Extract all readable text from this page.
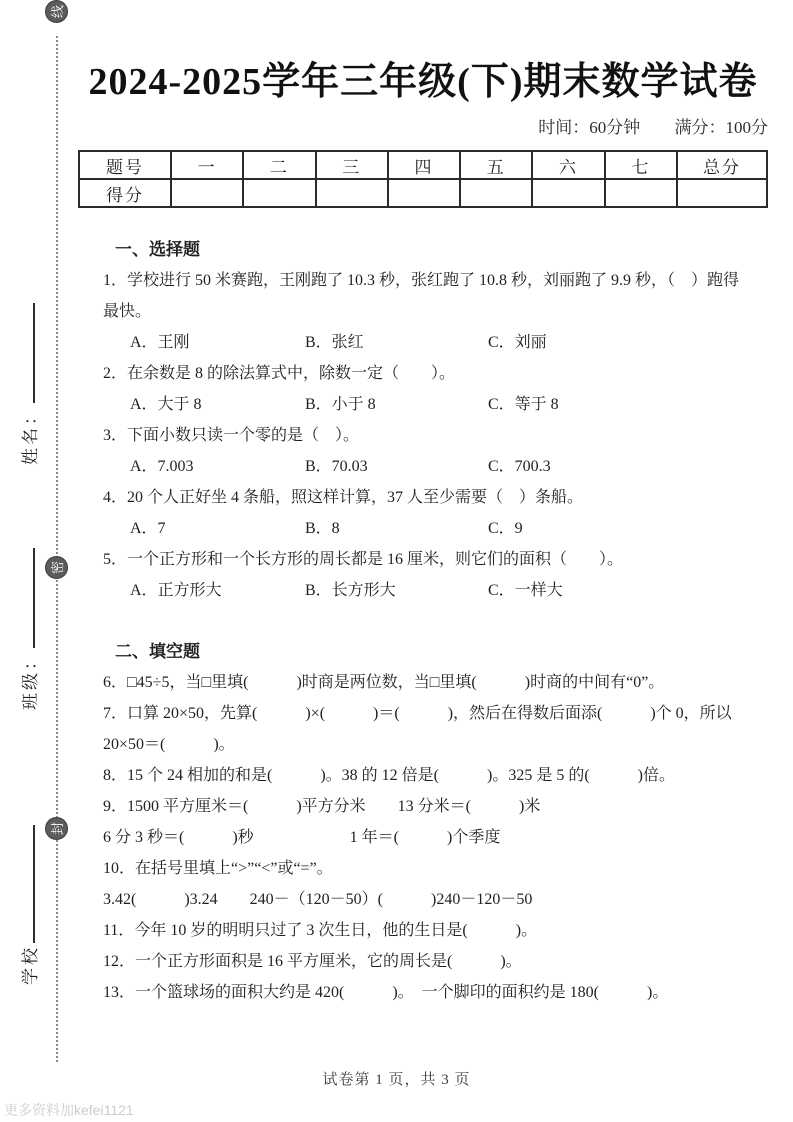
密
封
线
姓名：
班级：
学校
2024-2025学年三年级(下)期末数学试卷
时间：60分钟 满分：100分
题号	一	二	三	四	五	六	七	总分
得分								
一、选择题
1．学校进行 50 米赛跑，王刚跑了 10.3 秒，张红跑了 10.8 秒，刘丽跑了 9.9 秒，（　）跑得
最快。
A．王刚	B．张红	C．刘丽
2．在余数是 8 的除法算式中，除数一定（　　）。
A．大于 8	B．小于 8	C．等于 8
3．下面小数只读一个零的是（　）。
A．7.003	B．70.03	C．700.3
4．20 个人正好坐 4 条船，照这样计算，37 人至少需要（　）条船。
A．7	B．8	C．9
5．一个正方形和一个长方形的周长都是 16 厘米，则它们的面积（　　）。
A．正方形大	B．长方形大	C．一样大
二、填空题
6．□45÷5，当□里填(　　　)时商是两位数，当□里填(　　　)时商的中间有“0”。
7．口算 20×50，先算(　　　)×(　　　)＝(　　　)，然后在得数后面添(　　　)个 0，所以
20×50＝(　　　)。
8．15 个 24 相加的和是(　　　)。38 的 12 倍是(　　　)。325 是 5 的(　　　)倍。
9．1500 平方厘米＝(　　　)平方分米　　13 分米＝(　　　)米
6 分 3 秒＝(　　　)秒　　　　　　1 年＝(　　　)个季度
10．在括号里填上“>”“<”或“=”。
3.42(　　　)3.24　　240－（120－50）(　　　)240－120－50
11．今年 10 岁的明明只过了 3 次生日，他的生日是(　　　)。
12．一个正方形面积是 16 平方厘米，它的周长是(　　　)。
13．一个篮球场的面积大约是 420(　　　)。　一个脚印的面积约是 180(　　　)。
试卷第 1 页，共 3 页
更多资料加kefei1121
